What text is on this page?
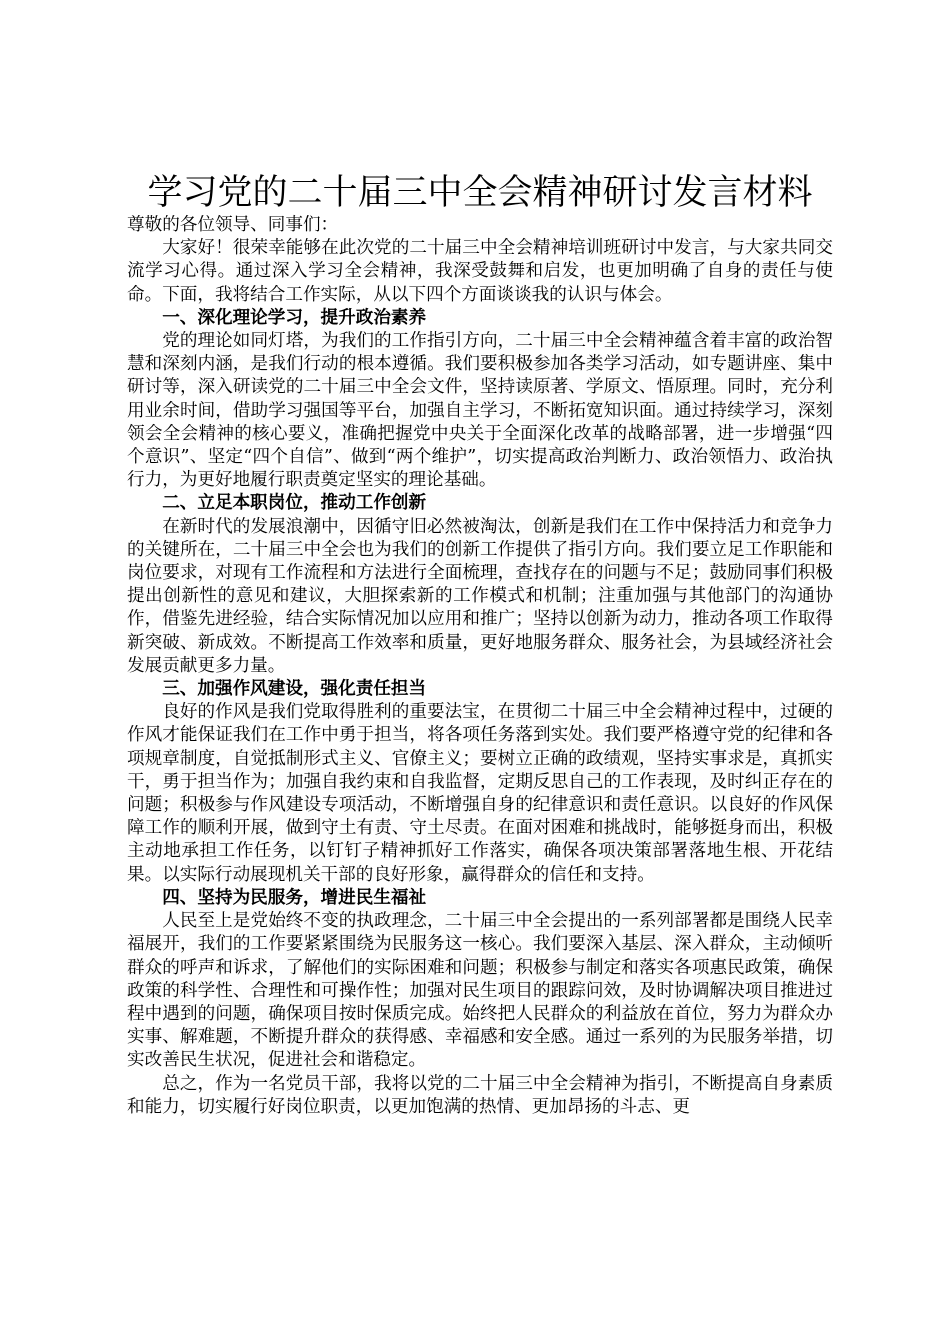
学习党的二十届三中全会精神研讨发言材料

尊敬的各位领导、同事们：

大家好！很荣幸能够在此次党的二十届三中全会精神培训班研讨中发言，与大家共同交流学习心得。通过深入学习全会精神，我深受鼓舞和启发，也更加明确了自身的责任与使命。下面，我将结合工作实际，从以下四个方面谈谈我的认识与体会。

一、深化理论学习，提升政治素养

党的理论如同灯塔，为我们的工作指引方向，二十届三中全会精神蕴含着丰富的政治智慧和深刻内涵，是我们行动的根本遵循。我们要积极参加各类学习活动，如专题讲座、集中研讨等，深入研读党的二十届三中全会文件，坚持读原著、学原文、悟原理。同时，充分利用业余时间，借助学习强国等平台，加强自主学习，不断拓宽知识面。通过持续学习，深刻领会全会精神的核心要义，准确把握党中央关于全面深化改革的战略部署，进一步增强“四个意识”、坚定“四个自信”、做到“两个维护”，切实提高政治判断力、政治领悟力、政治执行力，为更好地履行职责奠定坚实的理论基础。

二、立足本职岗位，推动工作创新

在新时代的发展浪潮中，因循守旧必然被淘汰，创新是我们在工作中保持活力和竞争力的关键所在，二十届三中全会也为我们的创新工作提供了指引方向。我们要立足工作职能和岗位要求，对现有工作流程和方法进行全面梳理，查找存在的问题与不足；鼓励同事们积极提出创新性的意见和建议，大胆探索新的工作模式和机制；注重加强与其他部门的沟通协作，借鉴先进经验，结合实际情况加以应用和推广；坚持以创新为动力，推动各项工作取得新突破、新成效。不断提高工作效率和质量，更好地服务群众、服务社会，为县域经济社会发展贡献更多力量。

三、加强作风建设，强化责任担当

良好的作风是我们党取得胜利的重要法宝，在贯彻二十届三中全会精神过程中，过硬的作风才能保证我们在工作中勇于担当，将各项任务落到实处。我们要严格遵守党的纪律和各项规章制度，自觉抵制形式主义、官僚主义；要树立正确的政绩观，坚持实事求是，真抓实干，勇于担当作为；加强自我约束和自我监督，定期反思自己的工作表现，及时纠正存在的问题；积极参与作风建设专项活动，不断增强自身的纪律意识和责任意识。以良好的作风保障工作的顺利开展，做到守土有责、守土尽责。在面对困难和挑战时，能够挺身而出，积极主动地承担工作任务，以钉钉子精神抓好工作落实，确保各项决策部署落地生根、开花结果。以实际行动展现机关干部的良好形象，赢得群众的信任和支持。

四、坚持为民服务，增进民生福祉

人民至上是党始终不变的执政理念，二十届三中全会提出的一系列部署都是围绕人民幸福展开，我们的工作要紧紧围绕为民服务这一核心。我们要深入基层、深入群众，主动倾听群众的呼声和诉求，了解他们的实际困难和问题；积极参与制定和落实各项惠民政策，确保政策的科学性、合理性和可操作性；加强对民生项目的跟踪问效，及时协调解决项目推进过程中遇到的问题，确保项目按时保质完成。始终把人民群众的利益放在首位，努力为群众办实事、解难题，不断提升群众的获得感、幸福感和安全感。通过一系列的为民服务举措，切实改善民生状况，促进社会和谐稳定。

总之，作为一名党员干部，我将以党的二十届三中全会精神为指引，不断提高自身素质和能力，切实履行好岗位职责，以更加饱满的热情、更加昂扬的斗志、更
